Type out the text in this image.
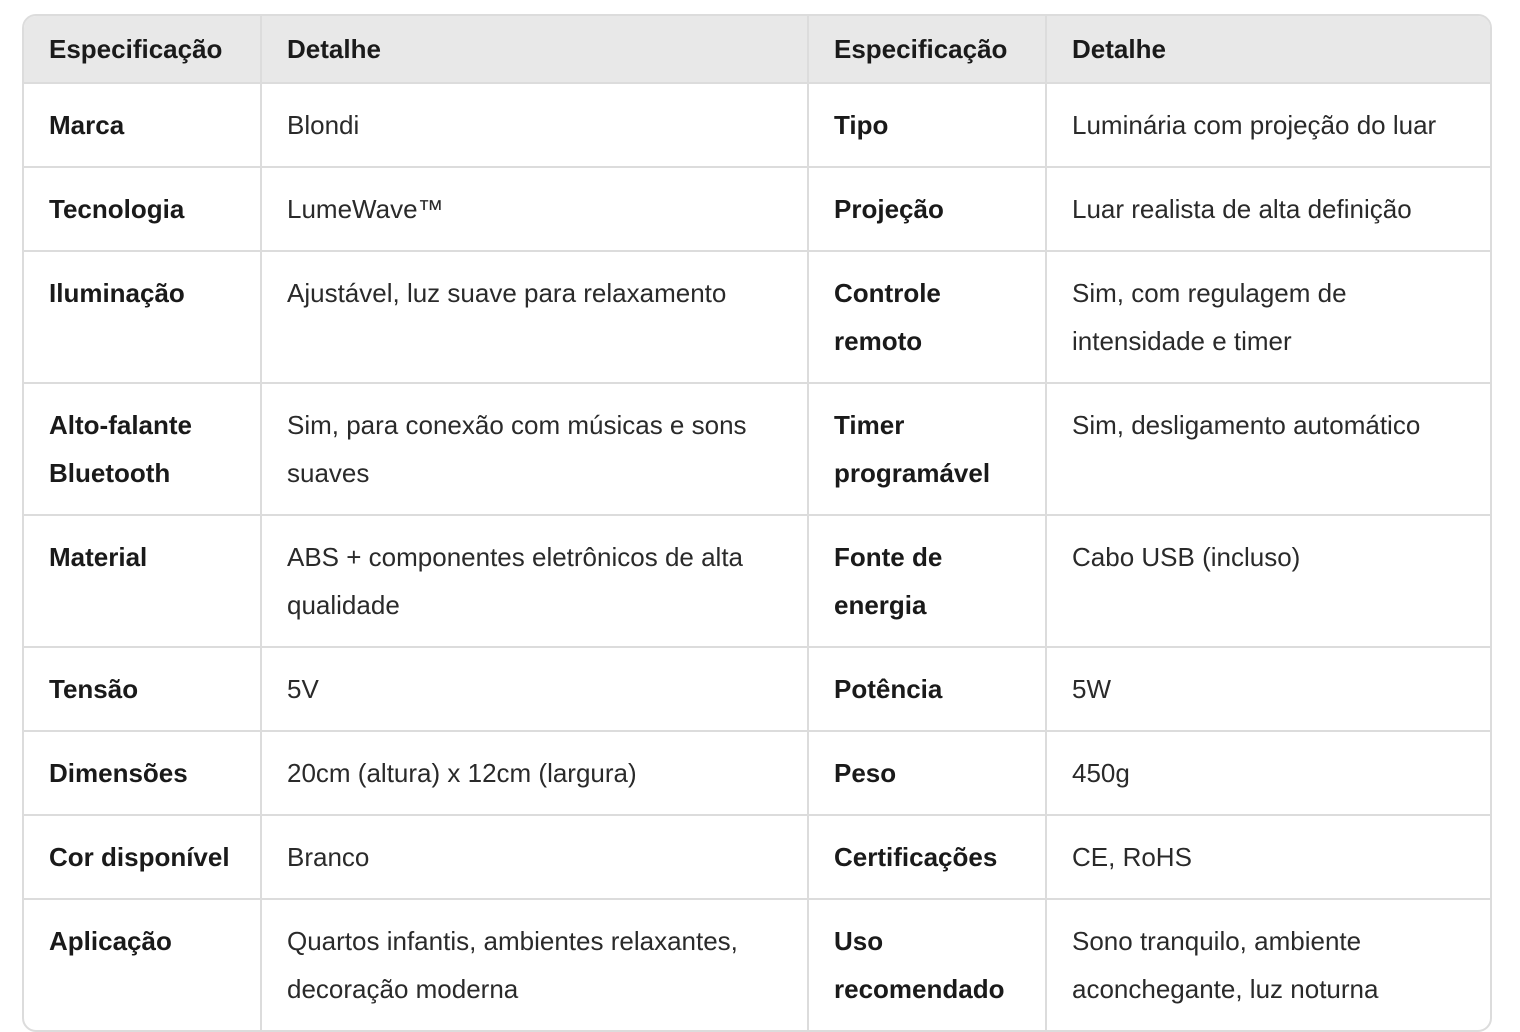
Especificação	Detalhe	Especificação	Detalhe
Marca	Blondi	Tipo	Luminária com projeção do luar
Tecnologia	LumeWave™	Projeção	Luar realista de alta definição
Iluminação	Ajustável, luz suave para relaxamento	Controle remoto	Sim, com regulagem de intensidade e timer
Alto-falante Bluetooth	Sim, para conexão com músicas e sons suaves	Timer programável	Sim, desligamento automático
Material	ABS + componentes eletrônicos de alta qualidade	Fonte de energia	Cabo USB (incluso)
Tensão	5V	Potência	5W
Dimensões	20cm (altura) x 12cm (largura)	Peso	450g
Cor disponível	Branco	Certificações	CE, RoHS
Aplicação	Quartos infantis, ambientes relaxantes, decoração moderna	Uso recomendado	Sono tranquilo, ambiente aconchegante, luz noturna
